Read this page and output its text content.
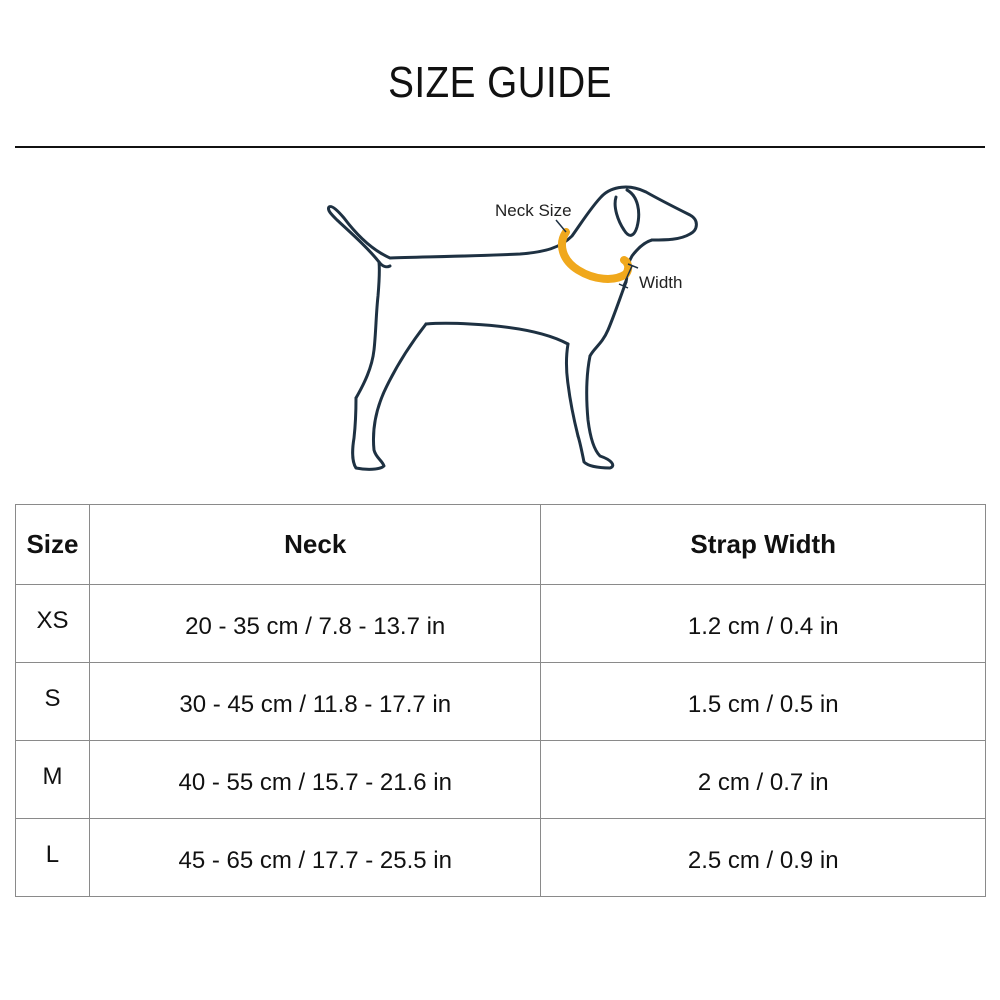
SIZE GUIDE
Neck Size
Width
Size	Neck	Strap Width
XS	20 - 35 cm / 7.8 - 13.7 in	1.2 cm / 0.4 in
S	30 - 45 cm / 11.8 - 17.7 in	1.5 cm / 0.5 in
M	40 - 55 cm / 15.7 - 21.6 in	2 cm / 0.7 in
L	45 - 65 cm / 17.7 - 25.5 in	2.5 cm / 0.9 in
